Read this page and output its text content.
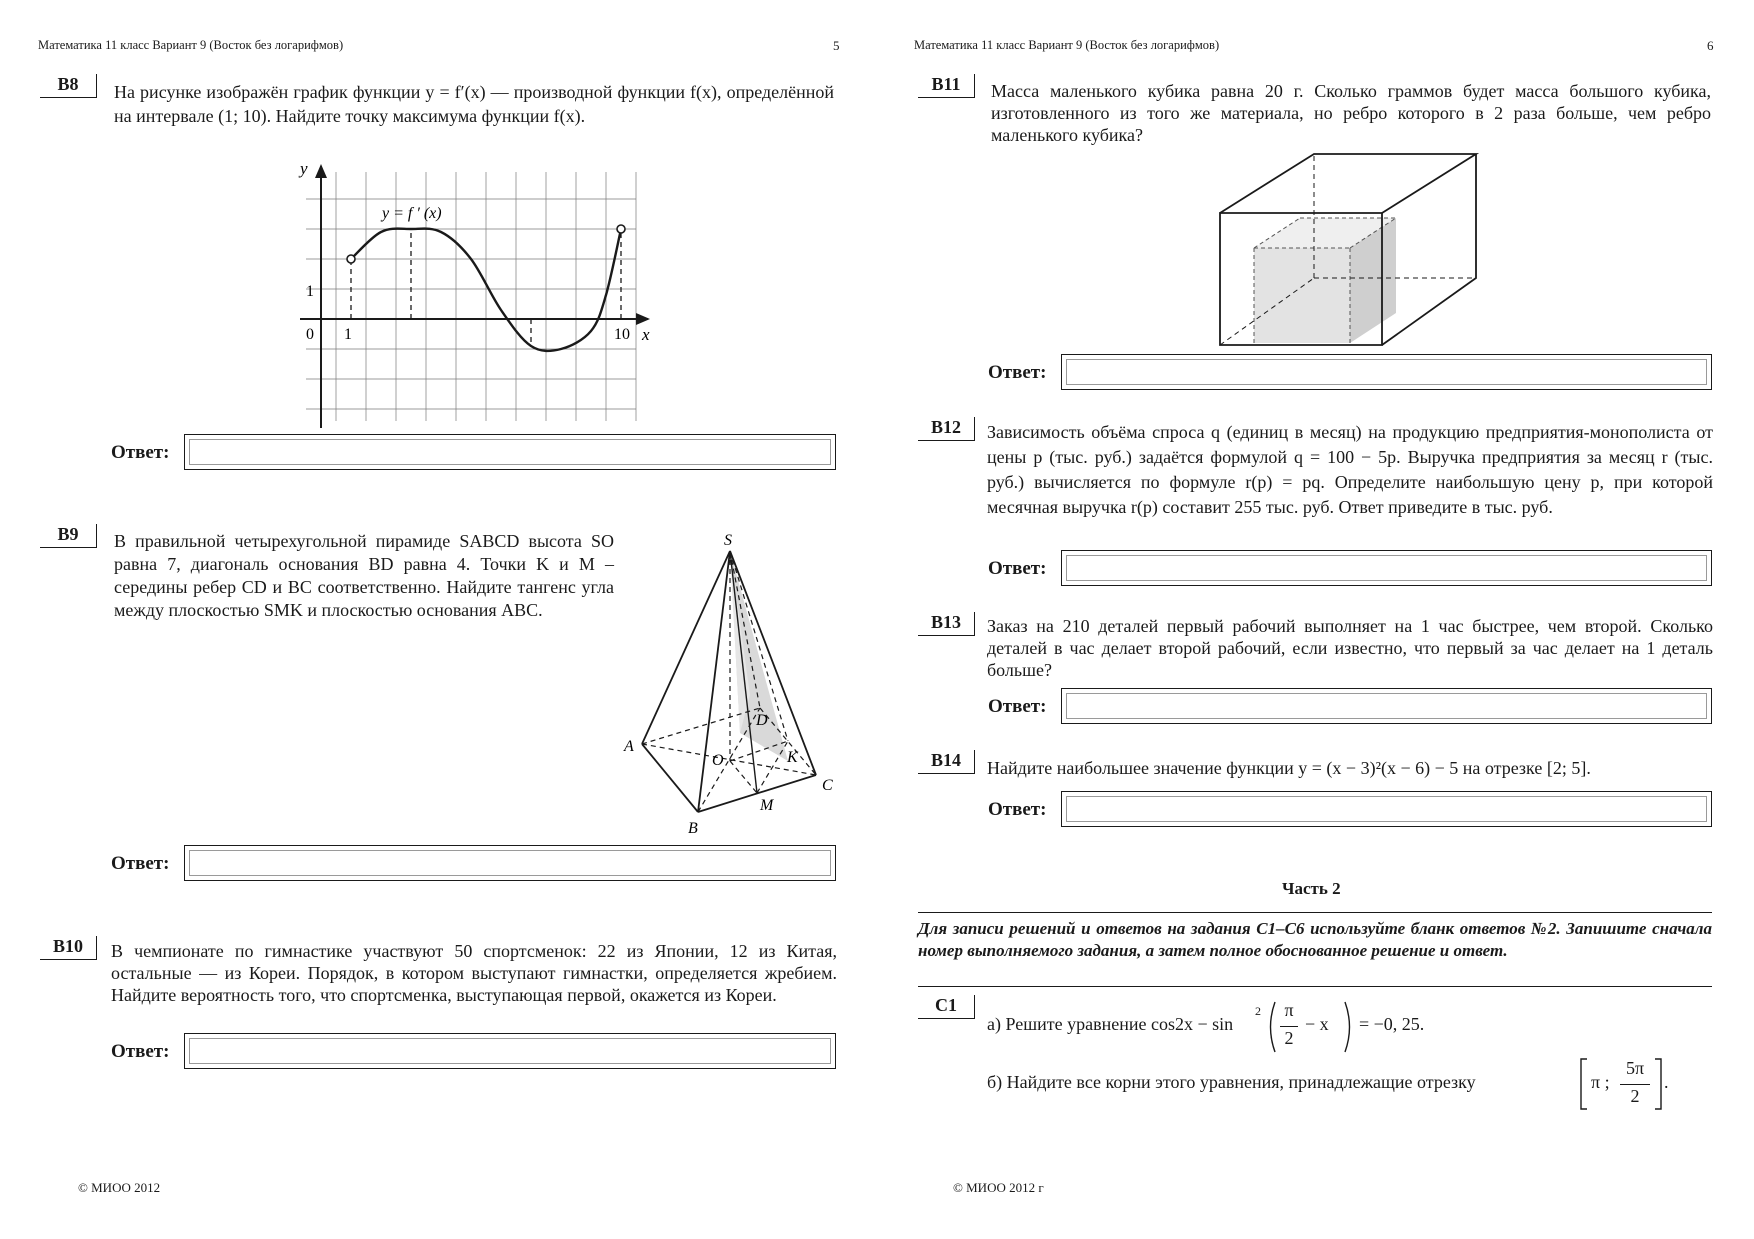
Математика 11 класс Вариант 9 (Восток без логарифмов)	5
B8	На рисунке изображён график функции y = f′(x) — производной функции f(x), определённой на интервале (1; 10). Найдите точку максимума функции f(x).
y = f ′ (x)
y
x
0 1	10
1
Ответ:
B9	В правильной четырехугольной пирамиде SABCD высота SO равна 7, диагональ основания BD равна 4. Точки K и M – середины ребер CD и BC соответственно. Найдите тангенс угла между плоскостью SMK и плоскостью основания ABC.
S
A
B
C
D
O	K
M
Ответ:
B10	В чемпионате по гимнастике участвуют 50 спортсменок: 22 из Японии, 12 из Китая, остальные — из Кореи. Порядок, в котором выступают гимнастки, определяется жребием. Найдите вероятность того, что спортсменка, выступающая первой, окажется из Кореи.
Ответ:
© МИОО 2012
Математика 11 класс Вариант 9 (Восток без логарифмов)	6
B11	Масса маленького кубика равна 20 г. Сколько граммов будет масса большого кубика, изготовленного из того же материала, но ребро которого в 2 раза больше, чем ребро маленького кубика?
Ответ:
B12	Зависимость объёма спроса q (единиц в месяц) на продукцию предприятия-монополиста от цены p (тыс. руб.) задаётся формулой q = 100 − 5p. Выручка предприятия за месяц r (тыс. руб.) вычисляется по формуле r(p) = pq. Определите наибольшую цену p, при которой месячная выручка r(p) составит 255 тыс. руб. Ответ приведите в тыс. руб.
Ответ:
B13	Заказ на 210 деталей первый рабочий выполняет на 1 час быстрее, чем второй. Сколько деталей в час делает второй рабочий, если известно, что первый за час делает на 1 деталь больше?
Ответ:
B14	Найдите наибольшее значение функции y = (x − 3)²(x − 6) − 5 на отрезке [2; 5].
Ответ:
Часть 2
Для записи решений и ответов на задания С1–С6 используйте бланк ответов №2. Запишите сначала номер выполняемого задания, а затем полное обоснованное решение и ответ.
C1
а) Решите уравнение cos2x − sin
2 π
2
− x = −0, 25.
б) Найдите все корни этого уравнения, принадлежащие отрезку	π ;
5π
2
.
© МИОО 2012 г
